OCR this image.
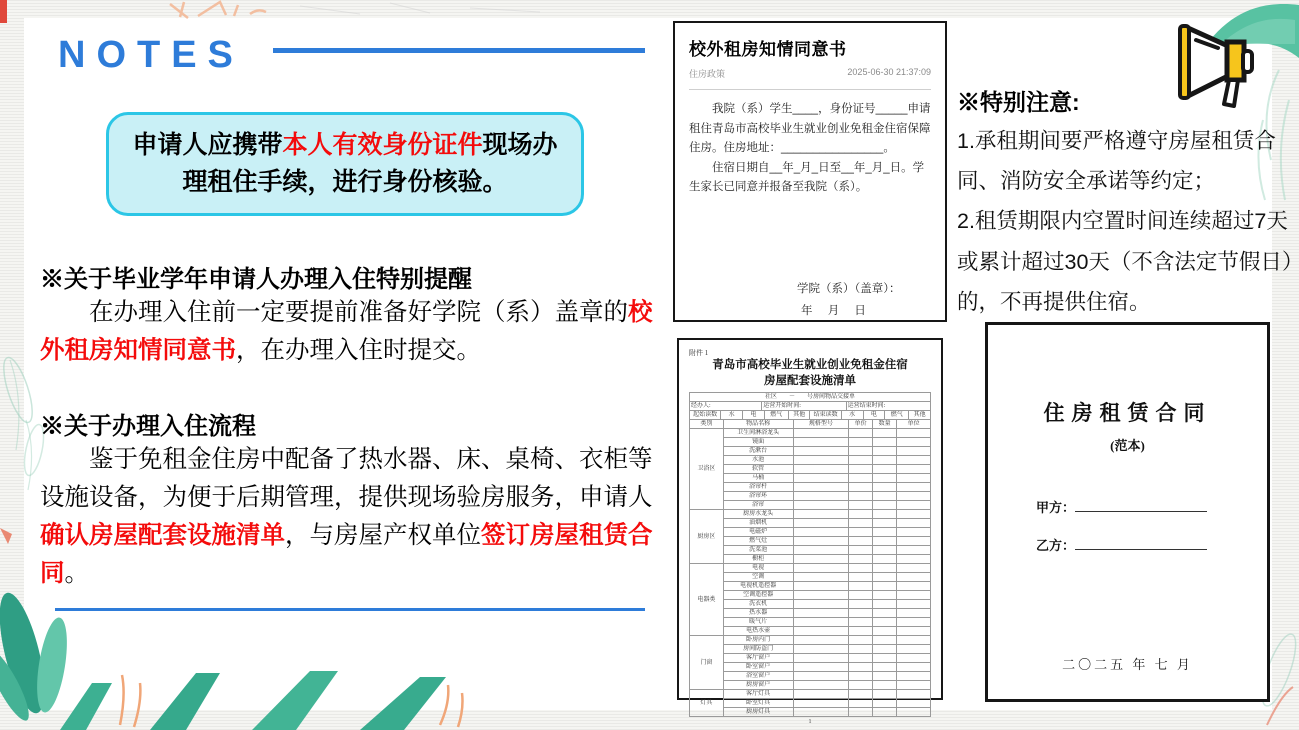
NOTES
申请人应携带本人有效身份证件现场办理租住手续，进行身份核验。
※关于毕业学年申请人办理入住特别提醒
在办理入住前一定要提前准备好学院（系）盖章的校外租房知情同意书，在办理入住时提交。
※关于办理入住流程
鉴于免租金住房中配备了热水器、床、桌椅、衣柜等设施设备，为便于后期管理，提供现场验房服务，申请人确认房屋配套设施清单，与房屋产权单位签订房屋租赁合同。
校外租房知情同意书
住房政策	2025-06-30 21:37:09

我院（系）学生____，身份证号_____申请租住青岛市高校毕业生就业创业免租金住宿保障住房。住房地址：________________。

住宿日期自__年_月_日至__年_月_日。学生家长已同意并报备至我院（系）。

学院（系）（盖章）：
年 月 日
附件 1
青岛市高校毕业生就业创业免租金住宿
房屋配套设施清单
社区　　－　　号房间物品交接单
经办人:	运营开始时间:	运营结束时间:
起始读数	水	电	燃气	其他	结束读数	水	电	燃气	其他
类别	物品名称	规格型号	单价	数量	单位
卫浴区	卫生间淋浴龙头				
	镜面				
	洗漱台				
	水池				
	软管				
	马桶				
	浴帘杆				
	浴帘环				
	浴帘				
厨房区	厨房水龙头				
	油烟机				
	电磁炉				
	燃气灶				
	洗菜池				
	橱柜				
电器类	电视				
	空调				
	电视机遥控器				
	空调遥控器				
	洗衣机				
	热水器				
	暖气片				
	电热水壶				
门窗	卧房内门				
	房间防盗门				
	客厅窗户				
	卧室窗户				
	浴室窗户				
	厨房窗户				
灯具	客厅灯具				
	卧室灯具				
	厨房灯具				
1
※特别注意:

1.承租期间要严格遵守房屋租赁合同、消防安全承诺等约定；

2.租赁期限内空置时间连续超过7天或累计超过30天（不含法定节假日）的，不再提供住宿。

住房租赁合同
(范本)
甲方：
乙方：
二〇二五 年 七 月
